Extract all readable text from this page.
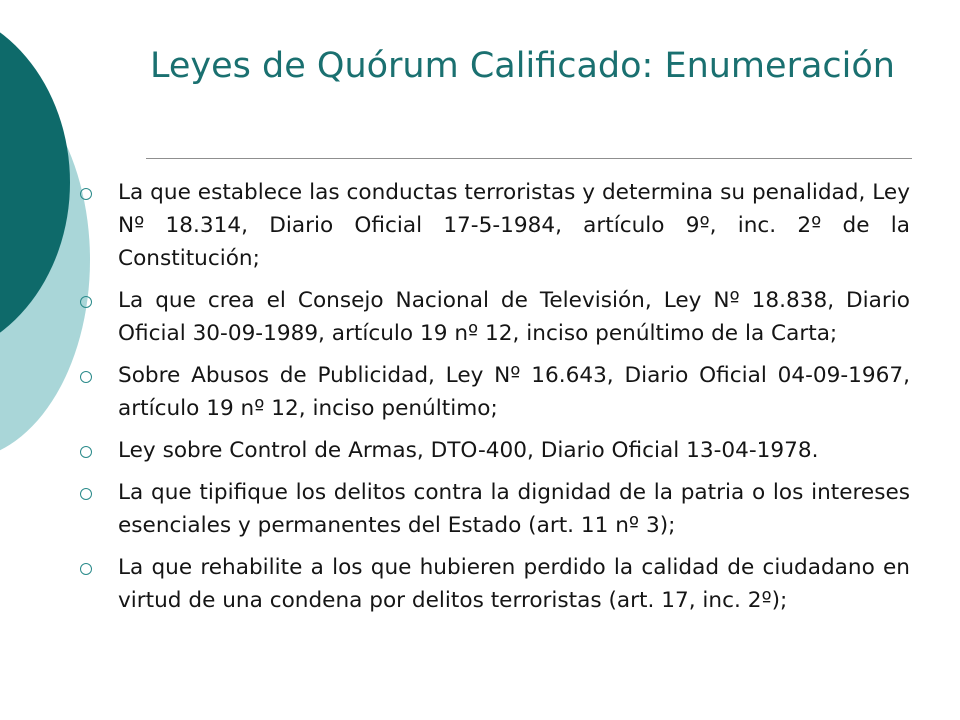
Leyes de Quórum Calificado: Enumeración
La que establece las conductas terroristas y determina su penalidad, Ley Nº 18.314, Diario Oficial 17-5-1984, artículo 9º, inc. 2º de la Constitución;
La que crea el Consejo Nacional de Televisión, Ley Nº 18.838, Diario Oficial 30-09-1989, artículo 19 nº 12, inciso penúltimo de la Carta;
Sobre Abusos de Publicidad, Ley Nº 16.643, Diario Oficial 04-09-1967, artículo 19 nº 12, inciso penúltimo;
Ley sobre Control de Armas, DTO-400, Diario Oficial 13-04-1978.
La que tipifique los delitos contra la dignidad de la patria o los intereses esenciales y permanentes del Estado (art. 11 nº 3);
La que rehabilite a los que hubieren perdido la calidad de ciudadano en virtud de una condena por delitos terroristas (art. 17, inc. 2º);
